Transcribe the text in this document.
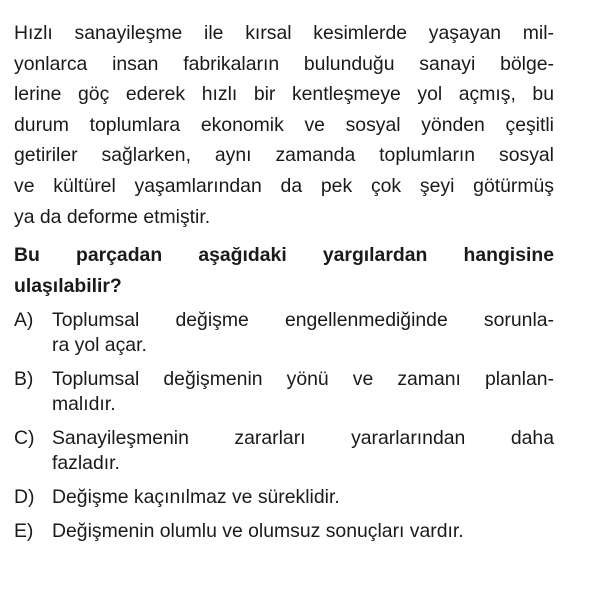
Hızlı sanayileşme ile kırsal kesimlerde yaşayan mil-
yonlarca insan fabrikaların bulunduğu sanayi bölge-
lerine göç ederek hızlı bir kentleşmeye yol açmış, bu
durum toplumlara ekonomik ve sosyal yönden çeşitli
getiriler sağlarken, aynı zamanda toplumların sosyal
ve kültürel yaşamlarından da pek çok şeyi götürmüş
ya da deforme etmiştir.
Bu parçadan aşağıdaki yargılardan hangisine
ulaşılabilir?
A) Toplumsal değişme engellenmediğinde sorunla-
ra yol açar.
B) Toplumsal değişmenin yönü ve zamanı planlan-
malıdır.
C) Sanayileşmenin zararları yararlarından daha
fazladır.
D) Değişme kaçınılmaz ve süreklidir.
E) Değişmenin olumlu ve olumsuz sonuçları vardır.
